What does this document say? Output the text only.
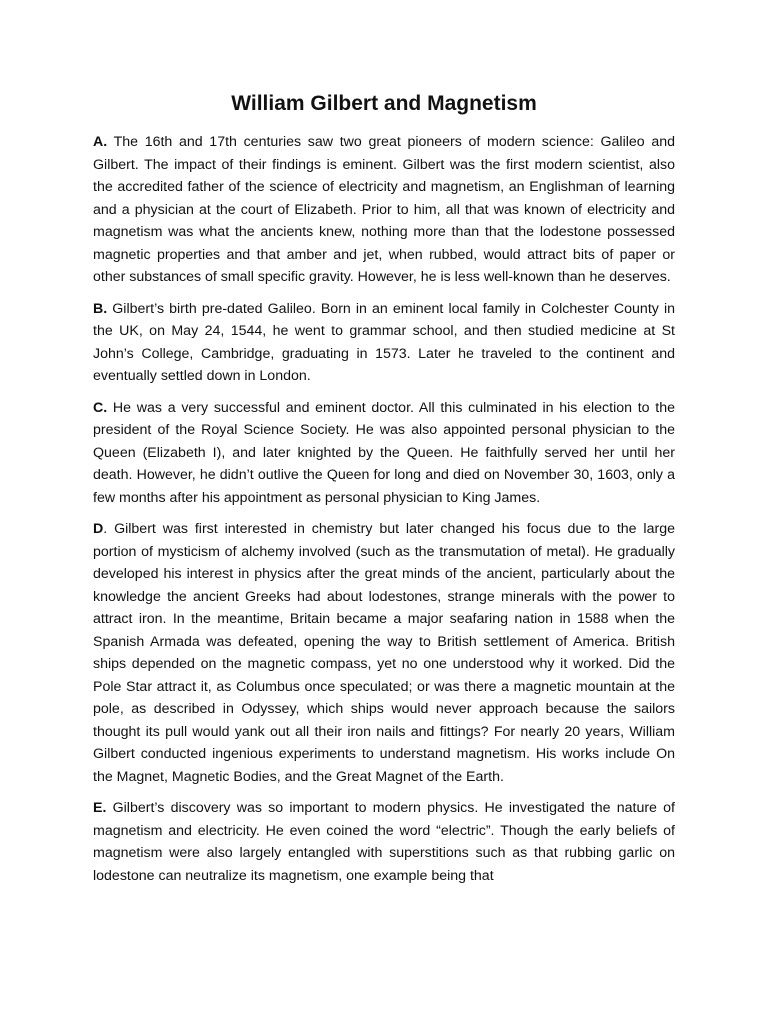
William Gilbert and Magnetism

A. The 16th and 17th centuries saw two great pioneers of modern science: Galileo and Gilbert. The impact of their findings is eminent. Gilbert was the first modern scientist, also the accredited father of the science of electricity and magnetism, an Englishman of learning and a physician at the court of Elizabeth. Prior to him, all that was known of electricity and magnetism was what the ancients knew, nothing more than that the lodestone possessed magnetic properties and that amber and jet, when rubbed, would attract bits of paper or other substances of small specific gravity. However, he is less well-known than he deserves.

B. Gilbert’s birth pre-dated Galileo. Born in an eminent local family in Colchester County in the UK, on May 24, 1544, he went to grammar school, and then studied medicine at St John’s College, Cambridge, graduating in 1573. Later he traveled to the continent and eventually settled down in London.

C. He was a very successful and eminent doctor. All this culminated in his election to the president of the Royal Science Society. He was also appointed personal physician to the Queen (Elizabeth I), and later knighted by the Queen. He faithfully served her until her death. However, he didn’t outlive the Queen for long and died on November 30, 1603, only a few months after his appointment as personal physician to King James.

D. Gilbert was first interested in chemistry but later changed his focus due to the large portion of mysticism of alchemy involved (such as the transmutation of metal). He gradually developed his interest in physics after the great minds of the ancient, particularly about the knowledge the ancient Greeks had about lodestones, strange minerals with the power to attract iron. In the meantime, Britain became a major seafaring nation in 1588 when the Spanish Armada was defeated, opening the way to British settlement of America. British ships depended on the magnetic compass, yet no one understood why it worked. Did the Pole Star attract it, as Columbus once speculated; or was there a magnetic mountain at the pole, as described in Odyssey, which ships would never approach because the sailors thought its pull would yank out all their iron nails and fittings? For nearly 20 years, William Gilbert conducted ingenious experiments to understand magnetism. His works include On the Magnet, Magnetic Bodies, and the Great Magnet of the Earth.

E. Gilbert’s discovery was so important to modern physics. He investigated the nature of magnetism and electricity. He even coined the word “electric”. Though the early beliefs of magnetism were also largely entangled with superstitions such as that rubbing garlic on lodestone can neutralize its magnetism, one example being that
